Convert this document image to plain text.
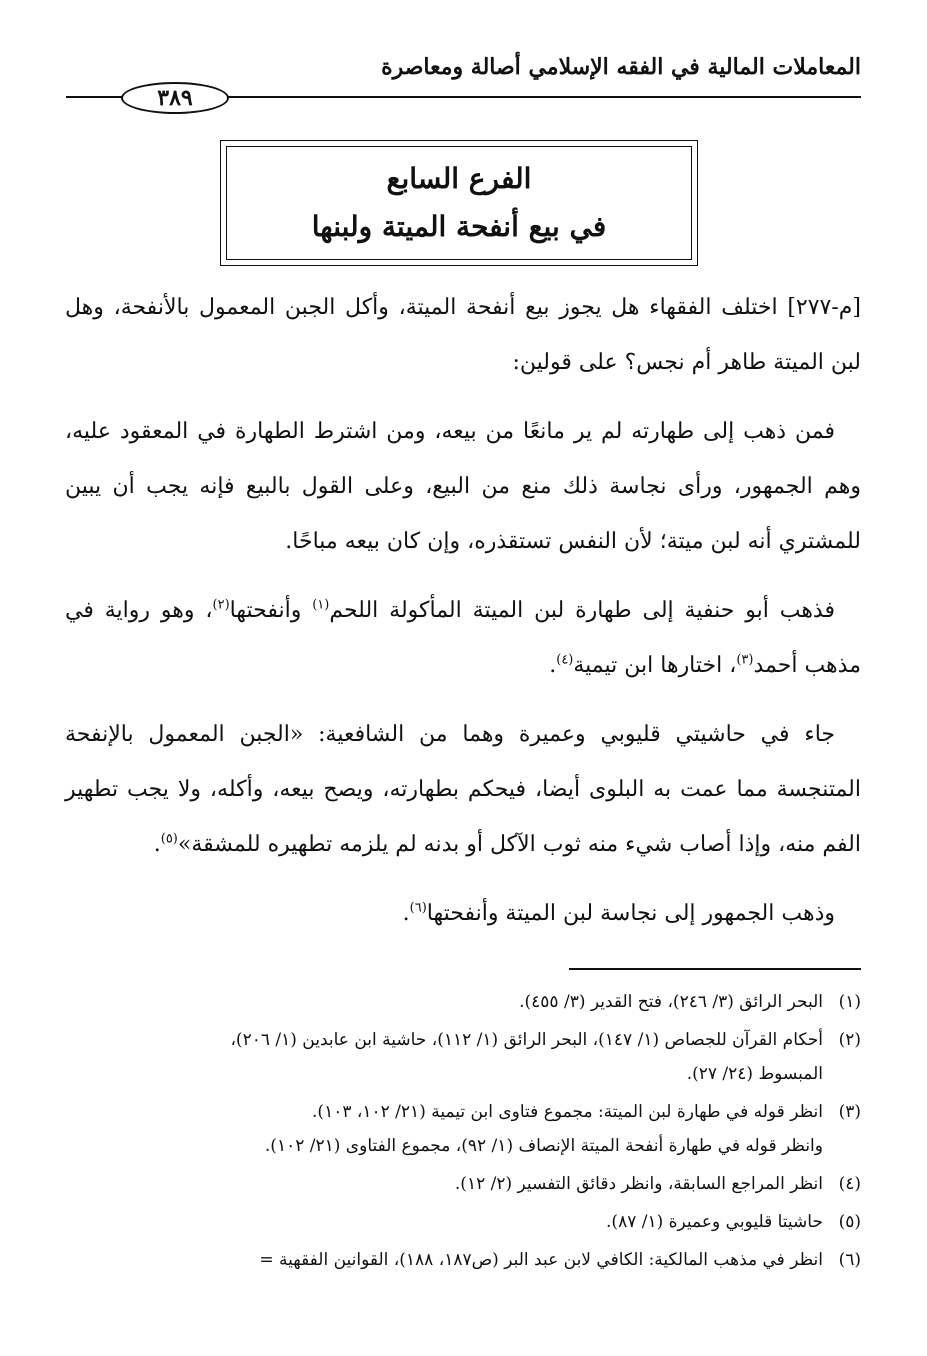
المعاملات المالية في الفقه الإسلامي أصالة ومعاصرة
٣٨٩
الفرع السابع
في بيع أنفحة الميتة ولبنها

[م-٢٧٧] اختلف الفقهاء هل يجوز بيع أنفحة الميتة، وأكل الجبن المعمول بالأنفحة، وهل لبن الميتة طاهر أم نجس؟ على قولين:

فمن ذهب إلى طهارته لم ير مانعًا من بيعه، ومن اشترط الطهارة في المعقود عليه، وهم الجمهور، ورأى نجاسة ذلك منع من البيع، وعلى القول بالبيع فإنه يجب أن يبين للمشتري أنه لبن ميتة؛ لأن النفس تستقذره، وإن كان بيعه مباحًا.

فذهب أبو حنفية إلى طهارة لبن الميتة المأكولة اللحم$^{(١)}$ وأنفحتها$^{(٢)}$، وهو رواية في مذهب أحمد$^{(٣)}$، اختارها ابن تيمية$^{(٤)}$.

جاء في حاشيتي قليوبي وعميرة وهما من الشافعية: «الجبن المعمول بالإنفحة المتنجسة مما عمت به البلوى أيضا، فيحكم بطهارته، ويصح بيعه، وأكله، ولا يجب تطهير الفم منه، وإذا أصاب شيء منه ثوب الآكل أو بدنه لم يلزمه تطهيره للمشقة»$^{(٥)}$.

وذهب الجمهور إلى نجاسة لبن الميتة وأنفحتها$^{(٦)}$.

(١)
البحر الرائق (٣/ ٢٤٦)، فتح القدير (٣/ ٤٥٥).
(٢)
أحكام القرآن للجصاص (١/ ١٤٧)، البحر الرائق (١/ ١١٢)، حاشية ابن عابدين (١/ ٢٠٦)،
المبسوط (٢٤/ ٢٧).
(٣)
انظر قوله في طهارة لبن الميتة: مجموع فتاوى ابن تيمية (٢١/ ١٠٢، ١٠٣).
وانظر قوله في طهارة أنفحة الميتة الإنصاف (١/ ٩٢)، مجموع الفتاوى (٢١/ ١٠٢).
(٤)
انظر المراجع السابقة، وانظر دقائق التفسير (٢/ ١٢).
(٥)
حاشيتا قليوبي وعميرة (١/ ٨٧).
(٦)
انظر في مذهب المالكية: الكافي لابن عبد البر (ص١٨٧، ١٨٨)، القوانين الفقهية =
